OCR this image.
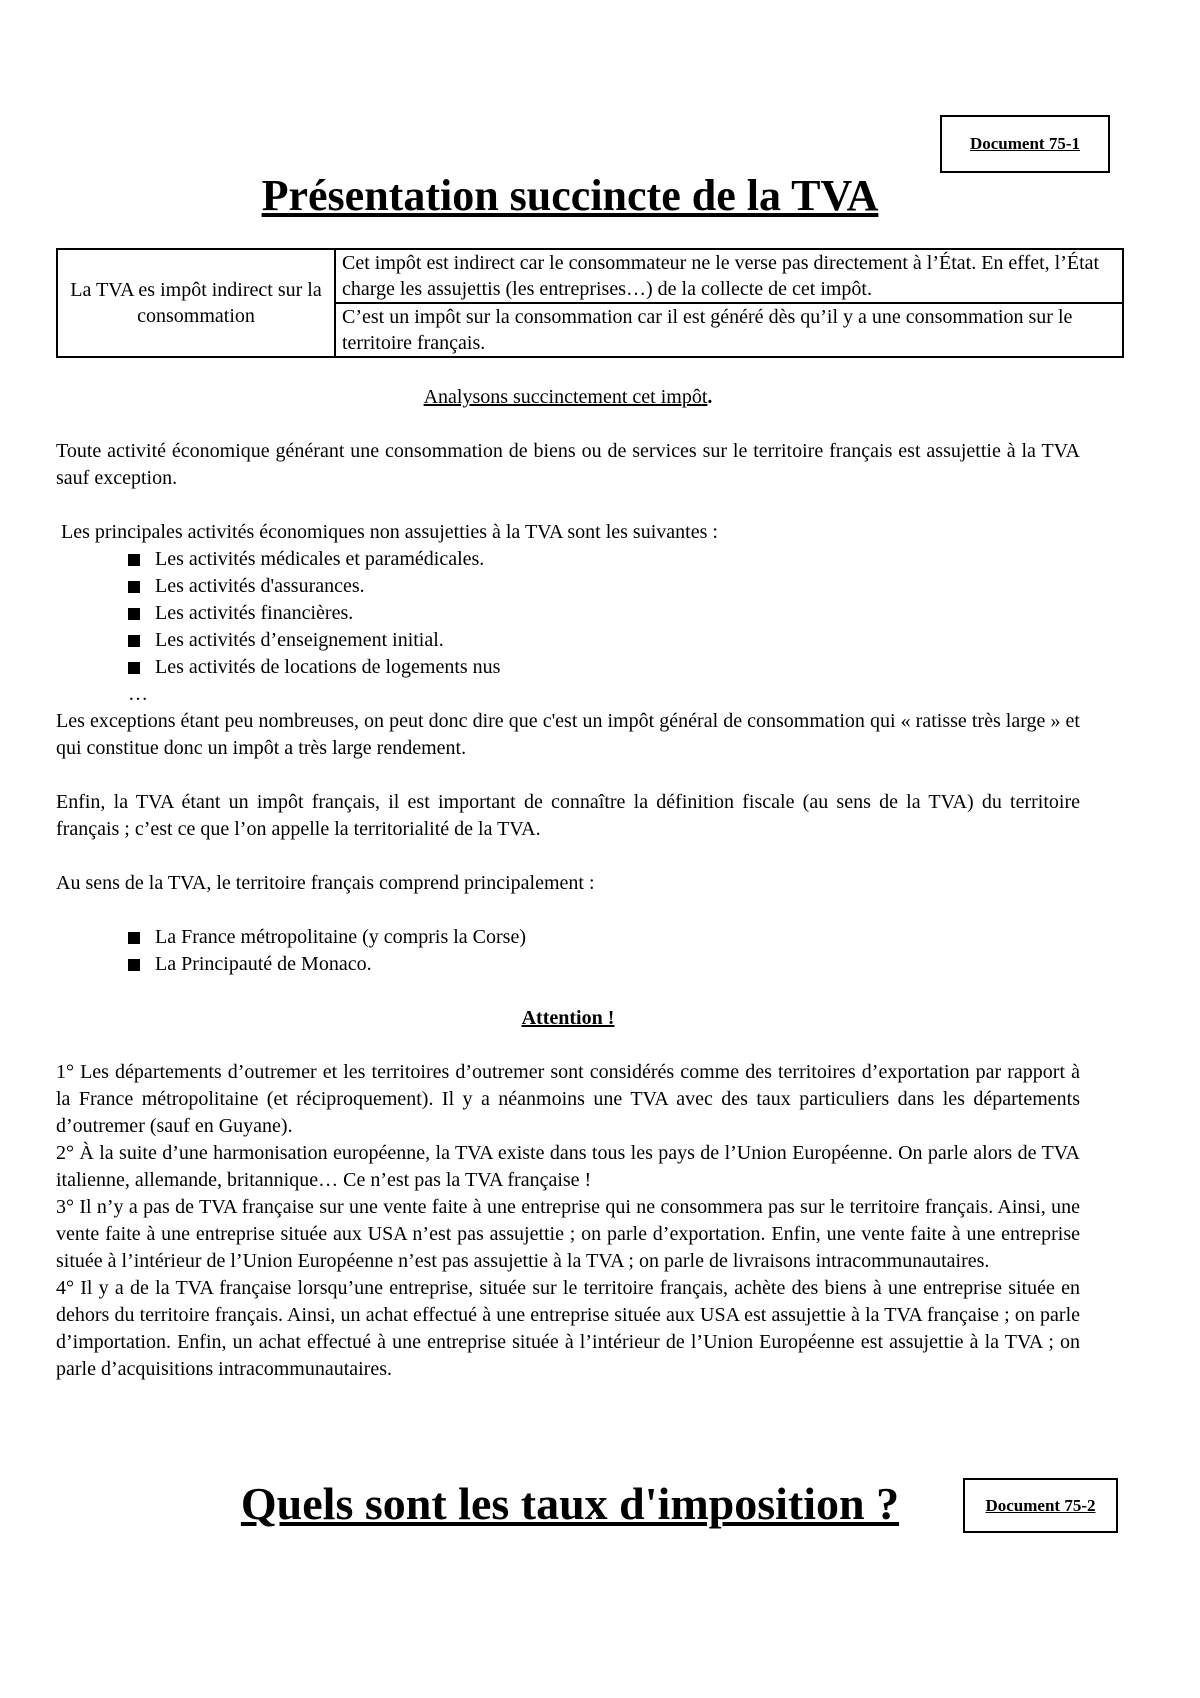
Document 75-1
Présentation succincte de la TVA
La TVA es impôt indirect sur la consommation	Cet impôt est indirect car le consommateur ne le verse pas directement à l’État. En effet, l’État charge les assujettis (les entreprises…) de la collecte de cet impôt.
C’est un impôt sur la consommation car il est généré dès qu’il y a une consommation sur le territoire français.

Analysons succinctement cet impôt.

Toute activité économique générant une consommation de biens ou de services sur le territoire français est assujettie à la TVA sauf exception.

Les principales activités économiques non assujetties à la TVA sont les suivantes :

Les activités médicales et paramédicales.
Les activités d'assurances.
Les activités financières.
Les activités d’enseignement initial.
Les activités de locations de logements nus

…

Les exceptions étant peu nombreuses, on peut donc dire que c'est un impôt général de consommation qui « ratisse très large » et qui constitue donc un impôt a très large rendement.

Enfin, la TVA étant un impôt français, il est important de connaître la définition fiscale (au sens de la TVA) du territoire français ; c’est ce que l’on appelle la territorialité de la TVA.

Au sens de la TVA, le territoire français comprend principalement :

La France métropolitaine (y compris la Corse)
La Principauté de Monaco.

Attention !

1° Les départements d’outremer et les territoires d’outremer sont considérés comme des territoires d’exportation par rapport à la France métropolitaine (et réciproquement). Il y a néanmoins une TVA avec des taux particuliers dans les départements d’outremer (sauf en Guyane).

2° À la suite d’une harmonisation européenne, la TVA existe dans tous les pays de l’Union Européenne. On parle alors de TVA italienne, allemande, britannique… Ce n’est pas la TVA française !

3° Il n’y a pas de TVA française sur une vente faite à une entreprise qui ne consommera pas sur le territoire français. Ainsi, une vente faite à une entreprise située aux USA n’est pas assujettie ; on parle d’exportation. Enfin, une vente faite à une entreprise située à l’intérieur de l’Union Européenne n’est pas assujettie à la TVA ; on parle de livraisons intracommunautaires.

4° Il y a de la TVA française lorsqu’une entreprise, située sur le territoire français, achète des biens à une entreprise située en dehors du territoire français. Ainsi, un achat effectué à une entreprise située aux USA est assujettie à la TVA française ; on parle d’importation. Enfin, un achat effectué à une entreprise située à l’intérieur de l’Union Européenne est assujettie à la TVA ; on parle d’acquisitions intracommunautaires.

Quels sont les taux d'imposition ?	Document 75-2
